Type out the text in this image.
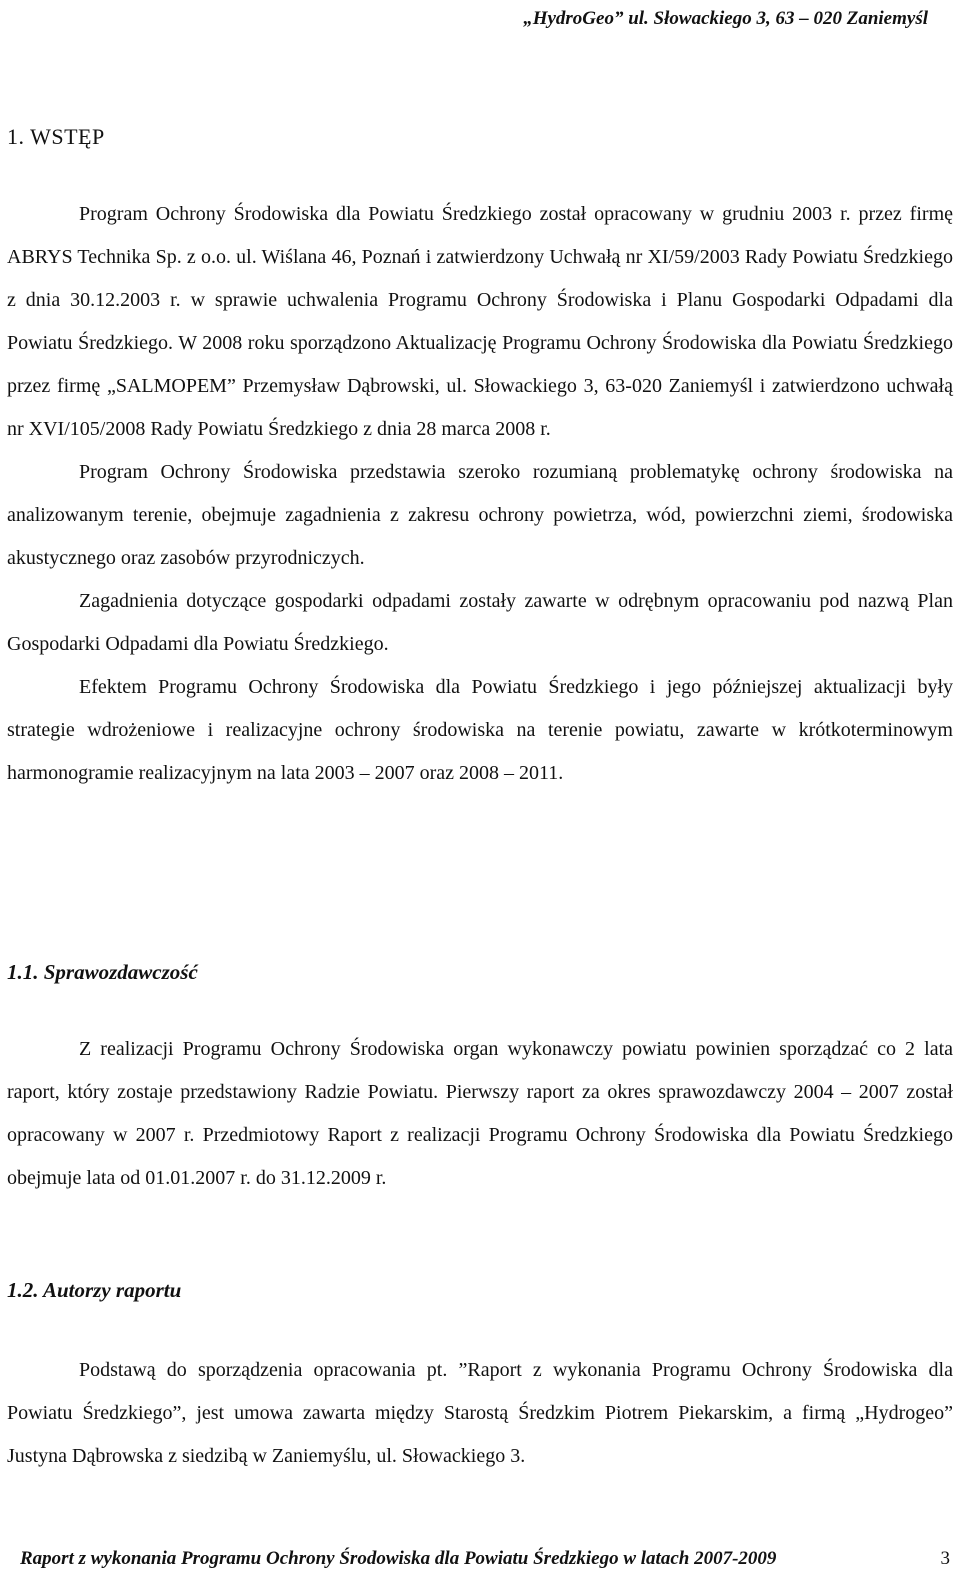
„HydroGeo” ul. Słowackiego 3, 63 – 020 Zaniemyśl
1. WSTĘP

Program Ochrony Środowiska dla Powiatu Średzkiego został opracowany w grudniu 2003 r. przez firmę ABRYS Technika Sp. z o.o. ul. Wiślana 46, Poznań i zatwierdzony Uchwałą nr XI/59/2003 Rady Powiatu Średzkiego z dnia 30.12.2003 r. w sprawie uchwalenia Programu Ochrony Środowiska i Planu Gospodarki Odpadami dla Powiatu Średzkiego. W 2008 roku sporządzono Aktualizację Programu Ochrony Środowiska dla Powiatu Średzkiego przez firmę „SALMOPEM” Przemysław Dąbrowski, ul. Słowackiego 3, 63-020 Zaniemyśl i zatwierdzono uchwałą nr XVI/105/2008 Rady Powiatu Średzkiego z dnia 28 marca 2008 r.

Program Ochrony Środowiska przedstawia szeroko rozumianą problematykę ochrony środowiska na analizowanym terenie, obejmuje zagadnienia z zakresu ochrony powietrza, wód, powierzchni ziemi, środowiska akustycznego oraz zasobów przyrodniczych.

Zagadnienia dotyczące gospodarki odpadami zostały zawarte w odrębnym opracowaniu pod nazwą Plan Gospodarki Odpadami dla Powiatu Średzkiego.

Efektem Programu Ochrony Środowiska dla Powiatu Średzkiego i jego późniejszej aktualizacji były strategie wdrożeniowe i realizacyjne ochrony środowiska na terenie powiatu, zawarte w krótkoterminowym harmonogramie realizacyjnym na lata 2003 – 2007 oraz 2008 – 2011.

1.1. Sprawozdawczość

Z realizacji Programu Ochrony Środowiska organ wykonawczy powiatu powinien sporządzać co 2 lata raport, który zostaje przedstawiony Radzie Powiatu. Pierwszy raport za okres sprawozdawczy 2004 – 2007 został opracowany w 2007 r. Przedmiotowy Raport z realizacji Programu Ochrony Środowiska dla Powiatu Średzkiego obejmuje lata od 01.01.2007 r. do 31.12.2009 r.

1.2. Autorzy raportu

Podstawą do sporządzenia opracowania pt. ”Raport z wykonania Programu Ochrony Środowiska dla Powiatu Średzkiego”, jest umowa zawarta między Starostą Średzkim Piotrem Piekarskim, a firmą „Hydrogeo” Justyna Dąbrowska z siedzibą w Zaniemyślu, ul. Słowackiego 3.

Raport z wykonania Programu Ochrony Środowiska dla Powiatu Średzkiego w latach 2007-2009	3
